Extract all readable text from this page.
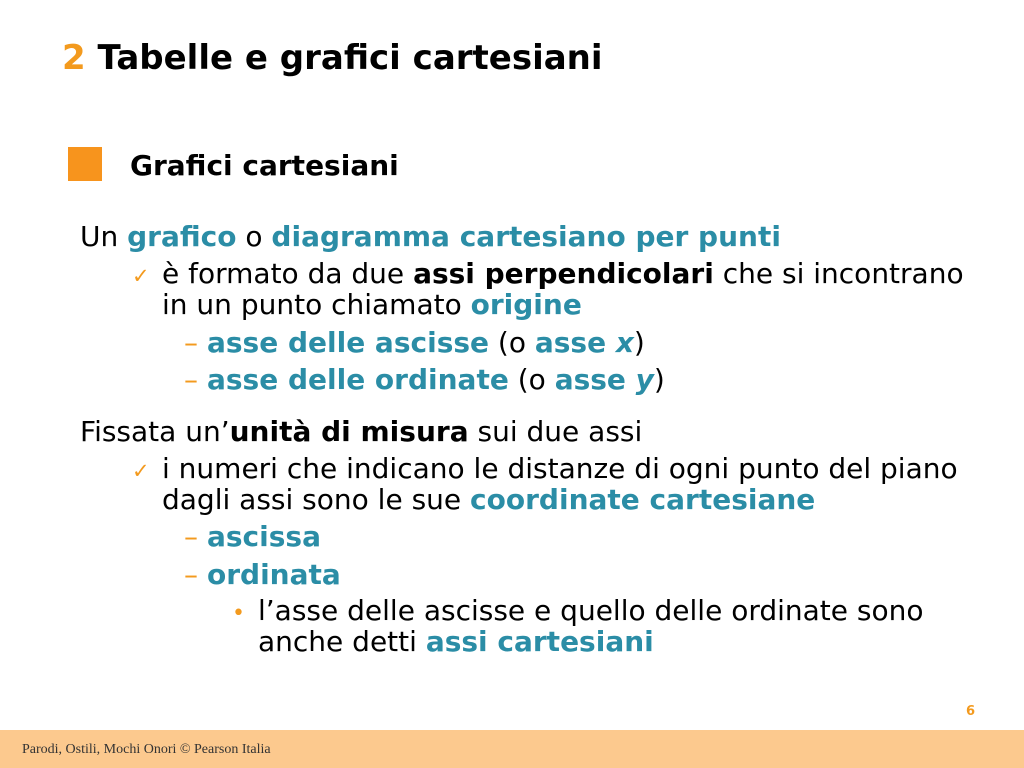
2 Tabelle e grafici cartesiani
Grafici cartesiani
Un grafico o diagramma cartesiano per punti
✓ è formato da due assi perpendicolari che si incontrano
in un punto chiamato origine
– asse delle ascisse (o asse x)
– asse delle ordinate (o asse y)
Fissata un’unità di misura sui due assi
✓ i numeri che indicano le distanze di ogni punto del piano
dagli assi sono le sue coordinate cartesiane
– ascissa
– ordinata
• l’asse delle ascisse e quello delle ordinate sono
anche detti assi cartesiani
6
Parodi, Ostili, Mochi Onori © Pearson Italia
